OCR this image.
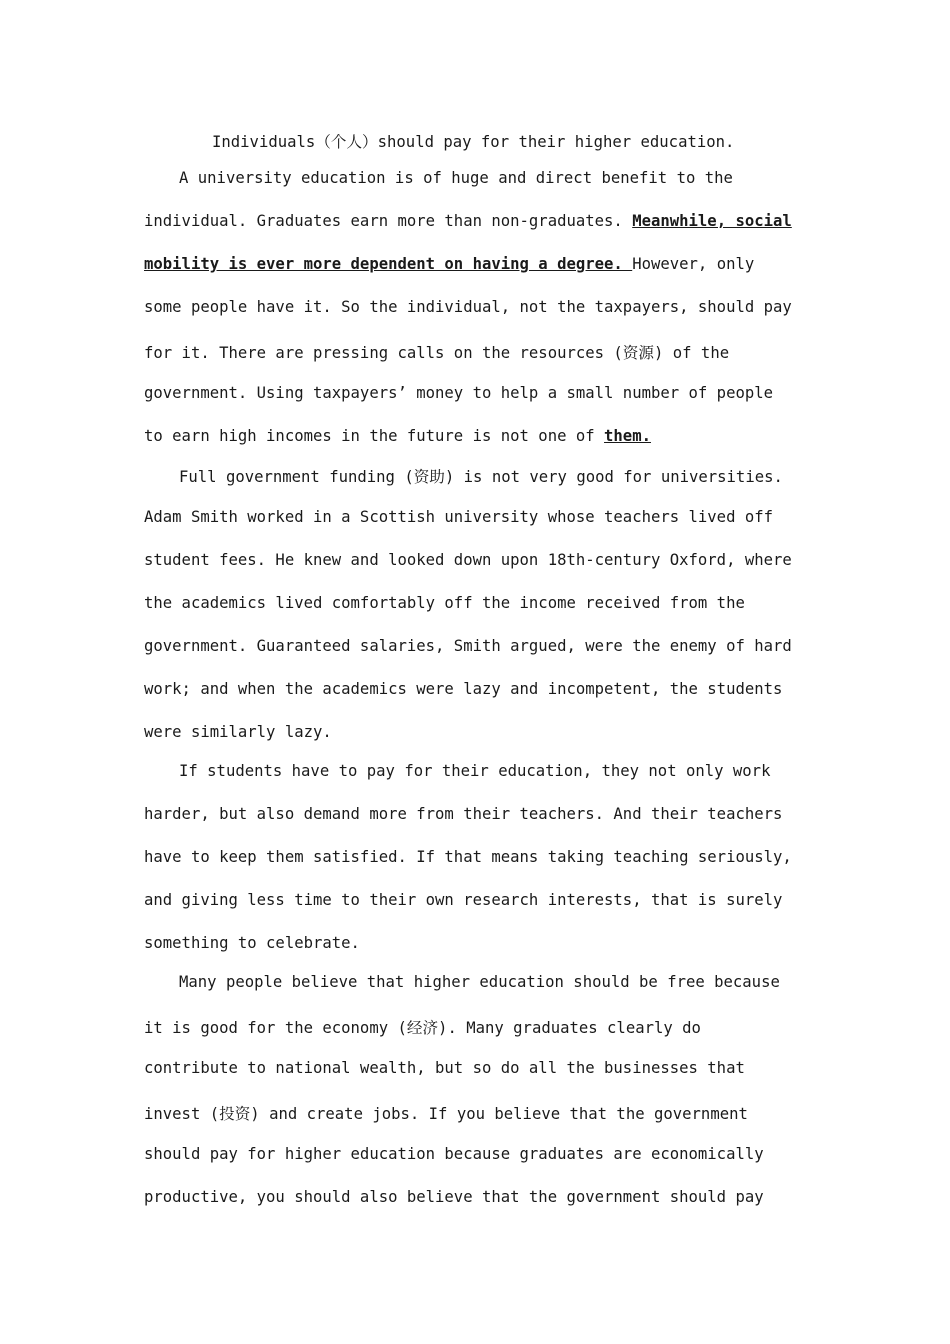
Individuals（个人）should pay for their higher education.
A university education is of huge and direct benefit to the
individual. Graduates earn more than non-graduates. Meanwhile, social
mobility is ever more dependent on having a degree. However, only
some people have it. So the individual, not the taxpayers, should pay
for it. There are pressing calls on the resources (资源) of the
government. Using taxpayers’ money to help a small number of people
to earn high incomes in the future is not one of them.
Full government funding (资助) is not very good for universities.
Adam Smith worked in a Scottish university whose teachers lived off
student fees. He knew and looked down upon 18th-century Oxford, where
the academics lived comfortably off the income received from the
government. Guaranteed salaries, Smith argued, were the enemy of hard
work; and when the academics were lazy and incompetent, the students
were similarly lazy.
If students have to pay for their education, they not only work
harder, but also demand more from their teachers. And their teachers
have to keep them satisfied. If that means taking teaching seriously,
and giving less time to their own research interests, that is surely
something to celebrate.
Many people believe that higher education should be free because
it is good for the economy (经济). Many graduates clearly do
contribute to national wealth, but so do all the businesses that
invest (投资) and create jobs. If you believe that the government
should pay for higher education because graduates are economically
productive, you should also believe that the government should pay
